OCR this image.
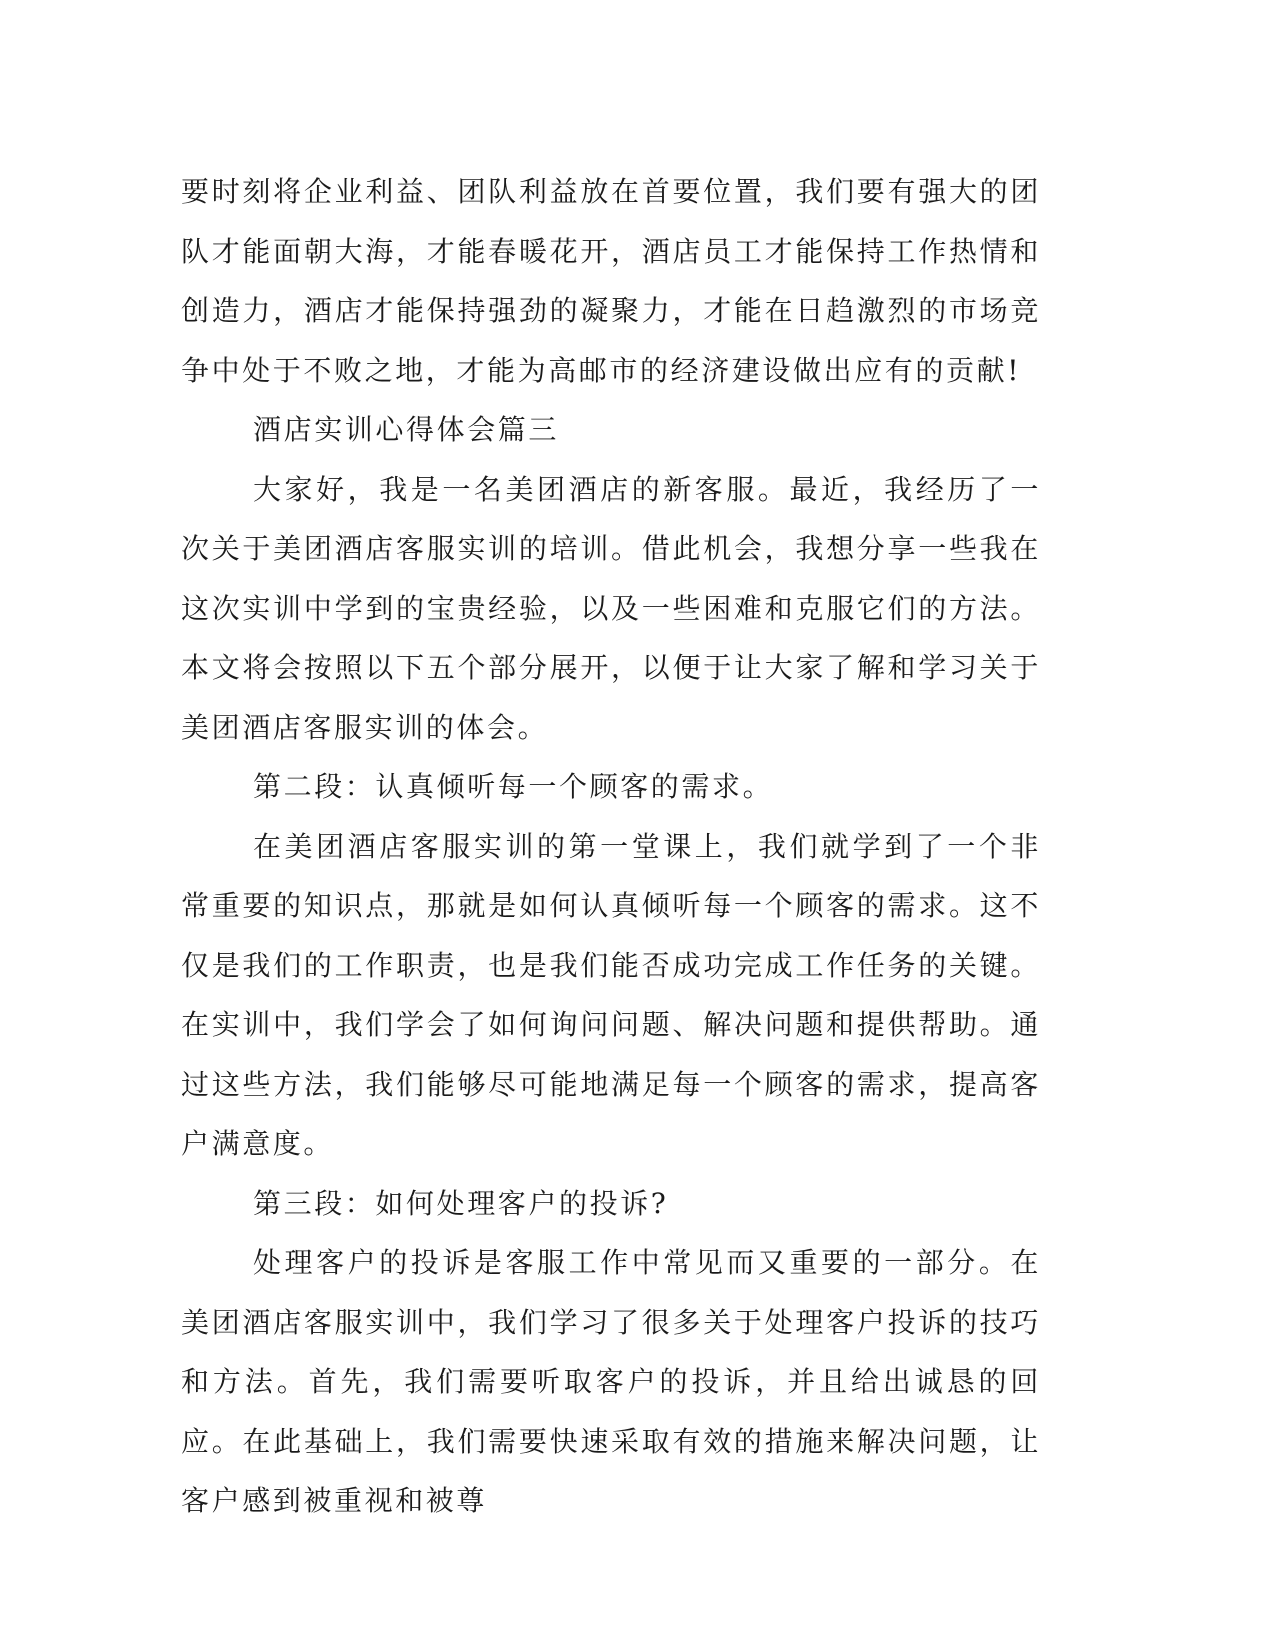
要时刻将企业利益、团队利益放在首要位置，我们要有强大的团队才能面朝大海，才能春暖花开，酒店员工才能保持工作热情和创造力，酒店才能保持强劲的凝聚力，才能在日趋激烈的市场竞争中处于不败之地，才能为高邮市的经济建设做出应有的贡献!

酒店实训心得体会篇三

大家好，我是一名美团酒店的新客服。最近，我经历了一次关于美团酒店客服实训的培训。借此机会，我想分享一些我在这次实训中学到的宝贵经验，以及一些困难和克服它们的方法。本文将会按照以下五个部分展开，以便于让大家了解和学习关于美团酒店客服实训的体会。

第二段：认真倾听每一个顾客的需求。

在美团酒店客服实训的第一堂课上，我们就学到了一个非常重要的知识点，那就是如何认真倾听每一个顾客的需求。这不仅是我们的工作职责，也是我们能否成功完成工作任务的关键。在实训中，我们学会了如何询问问题、解决问题和提供帮助。通过这些方法，我们能够尽可能地满足每一个顾客的需求，提高客户满意度。

第三段：如何处理客户的投诉?

处理客户的投诉是客服工作中常见而又重要的一部分。在美团酒店客服实训中，我们学习了很多关于处理客户投诉的技巧和方法。首先，我们需要听取客户的投诉，并且给出诚恳的回应。在此基础上，我们需要快速采取有效的措施来解决问题，让客户感到被重视和被尊
